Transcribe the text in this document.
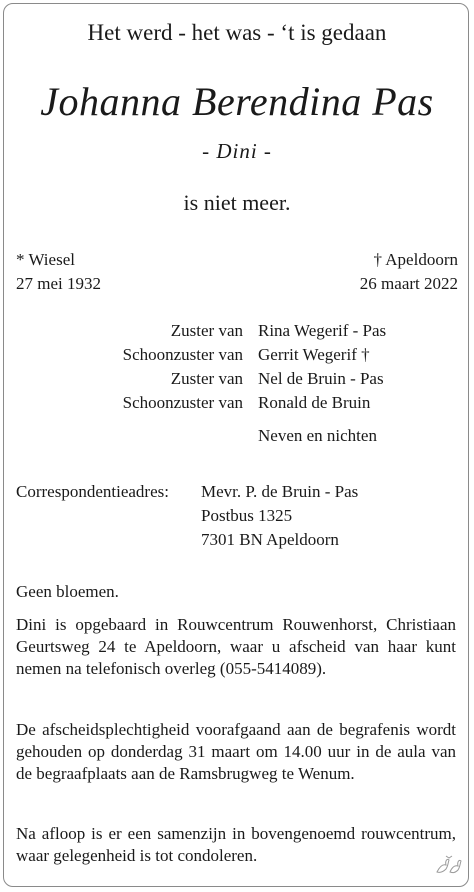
Het werd - het was - ‘t is gedaan
Johanna Berendina Pas
- Dini -
is niet meer.
* Wiesel
27 mei 1932
† Apeldoorn
26 maart 2022
Zuster van Rina Wegerif - Pas
Schoonzuster van Gerrit Wegerif †
Zuster van Nel de Bruin - Pas
Schoonzuster van Ronald de Bruin
Neven en nichten
Correspondentieadres: Mevr. P. de Bruin - Pas
Postbus 1325
7301 BN Apeldoorn
Geen bloemen.
Dini is opgebaard in Rouwcentrum Rouwenhorst, Christiaan Geurtsweg 24 te Apeldoorn, waar u afscheid van haar kunt nemen na telefonisch overleg (055-5414089).
De afscheidsplechtigheid voorafgaand aan de begrafenis wordt gehouden op donderdag 31 maart om 14.00 uur in de aula van de begraafplaats aan de Ramsbrugweg te Wenum.
Na afloop is er een samenzijn in bovengenoemd rouwcentrum, waar gelegenheid is tot condoleren.
